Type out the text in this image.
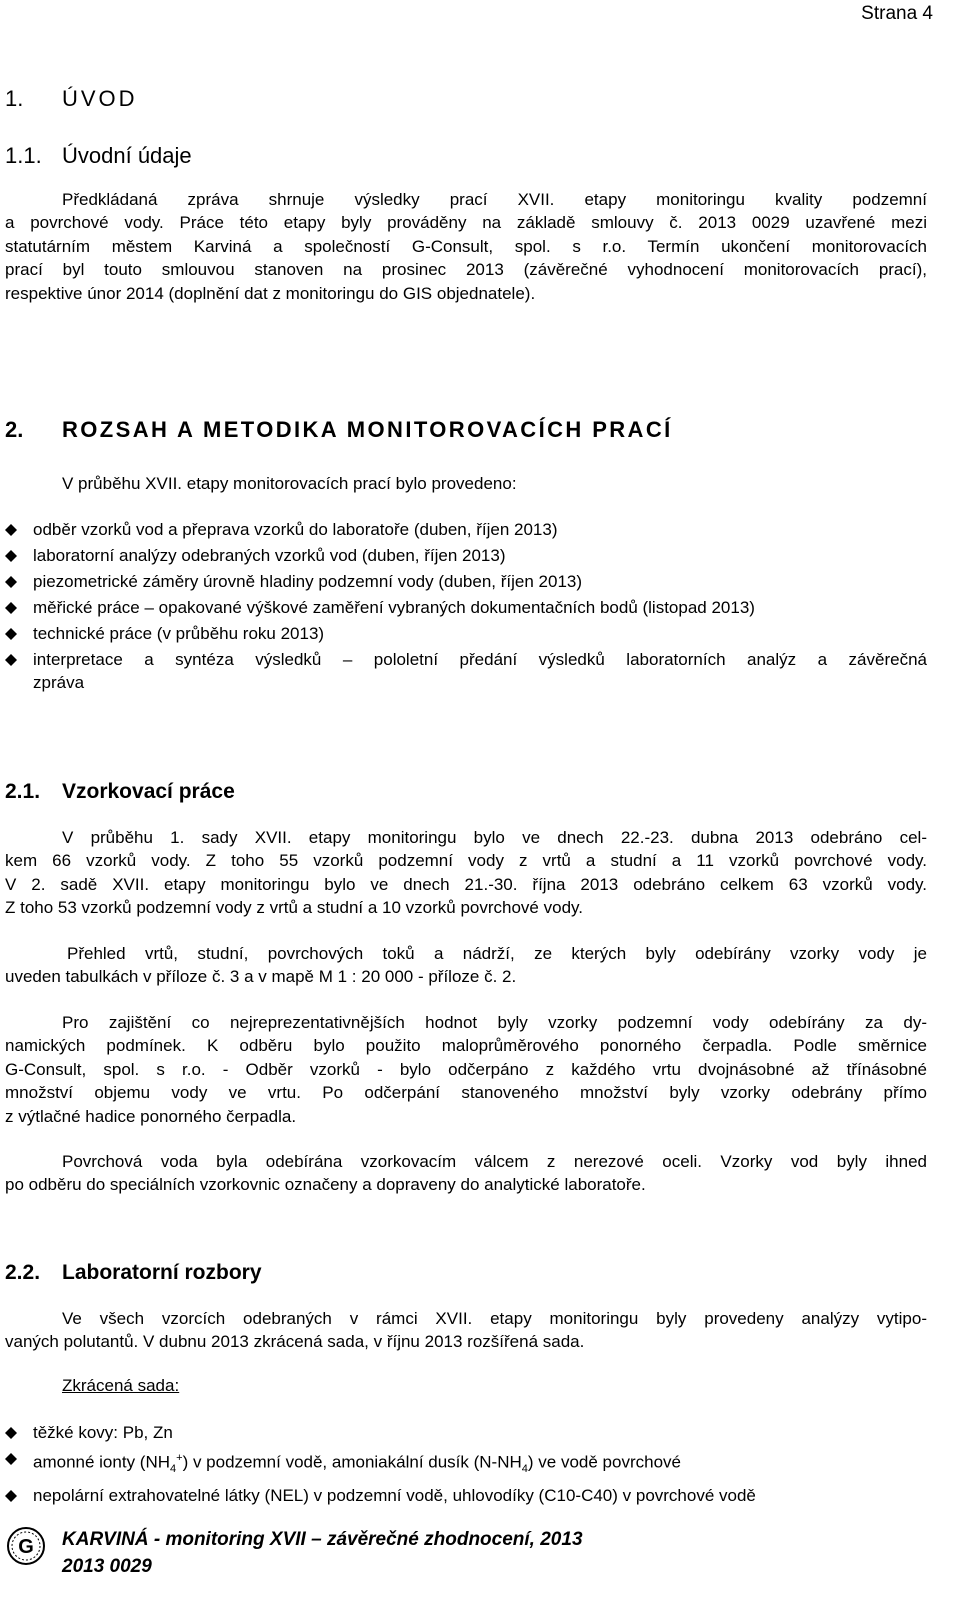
Strana 4
1. ÚVOD
1.1. Úvodní údaje
Předkládaná zpráva shrnuje výsledky prací XVII. etapy monitoringu kvality podzemní
a povrchové vody. Práce této etapy byly prováděny na základě smlouvy č. 2013 0029 uzavřené mezi
statutárním městem Karviná a společností G-Consult, spol. s r.o. Termín ukončení monitorovacích
prací byl touto smlouvou stanoven na prosinec 2013 (závěrečné vyhodnocení monitorovacích prací),
respektive únor 2014 (doplnění dat z monitoringu do GIS objednatele).
2. ROZSAH A METODIKA MONITOROVACÍCH PRACÍ
V průběhu XVII. etapy monitorovacích prací bylo provedeno:
odběr vzorků vod a přeprava vzorků do laboratoře (duben, říjen 2013)
laboratorní analýzy odebraných vzorků vod (duben, říjen 2013)
piezometrické záměry úrovně hladiny podzemní vody (duben, říjen 2013)
měřické práce – opakované výškové zaměření vybraných dokumentačních bodů (listopad 2013)
technické práce (v průběhu roku 2013)
interpretace a syntéza výsledků – pololetní předání výsledků laboratorních analýz a závěrečná
zpráva
2.1. Vzorkovací práce
V průběhu 1. sady XVII. etapy monitoringu bylo ve dnech 22.-23. dubna 2013 odebráno cel-
kem 66 vzorků vody. Z toho 55 vzorků podzemní vody z vrtů a studní a 11 vzorků povrchové vody.
V 2. sadě XVII. etapy monitoringu bylo ve dnech 21.-30. října 2013 odebráno celkem 63 vzorků vody.
Z toho 53 vzorků podzemní vody z vrtů a studní a 10 vzorků povrchové vody.
Přehled vrtů, studní, povrchových toků a nádrží, ze kterých byly odebírány vzorky vody je
uveden tabulkách v příloze č. 3 a v mapě M 1 : 20 000 - příloze č. 2.
Pro zajištění co nejreprezentativnějších hodnot byly vzorky podzemní vody odebírány za dy-
namických podmínek. K odběru bylo použito maloprůměrového ponorného čerpadla. Podle směrnice
G-Consult, spol. s r.o. - Odběr vzorků - bylo odčerpáno z každého vrtu dvojnásobné až třínásobné
množství objemu vody ve vrtu. Po odčerpání stanoveného množství byly vzorky odebrány přímo
z výtlačné hadice ponorného čerpadla.
Povrchová voda byla odebírána vzorkovacím válcem z nerezové oceli. Vzorky vod byly ihned
po odběru do speciálních vzorkovnic označeny a dopraveny do analytické laboratoře.
2.2. Laboratorní rozbory
Ve všech vzorcích odebraných v rámci XVII. etapy monitoringu byly provedeny analýzy vytipo-
vaných polutantů. V dubnu 2013 zkrácená sada, v říjnu 2013 rozšířená sada.
Zkrácená sada:
těžké kovy: Pb, Zn
amonné ionty $(NH_4^+)$ v podzemní vodě, amoniakální dusík $(N-NH_4)$ ve vodě povrchové
nepolární extrahovatelné látky (NEL) v podzemní vodě, uhlovodíky (C10-C40) v povrchové vodě
G KARVINÁ - monitoring XVII – závěrečné zhodnocení, 2013
2013 0029
